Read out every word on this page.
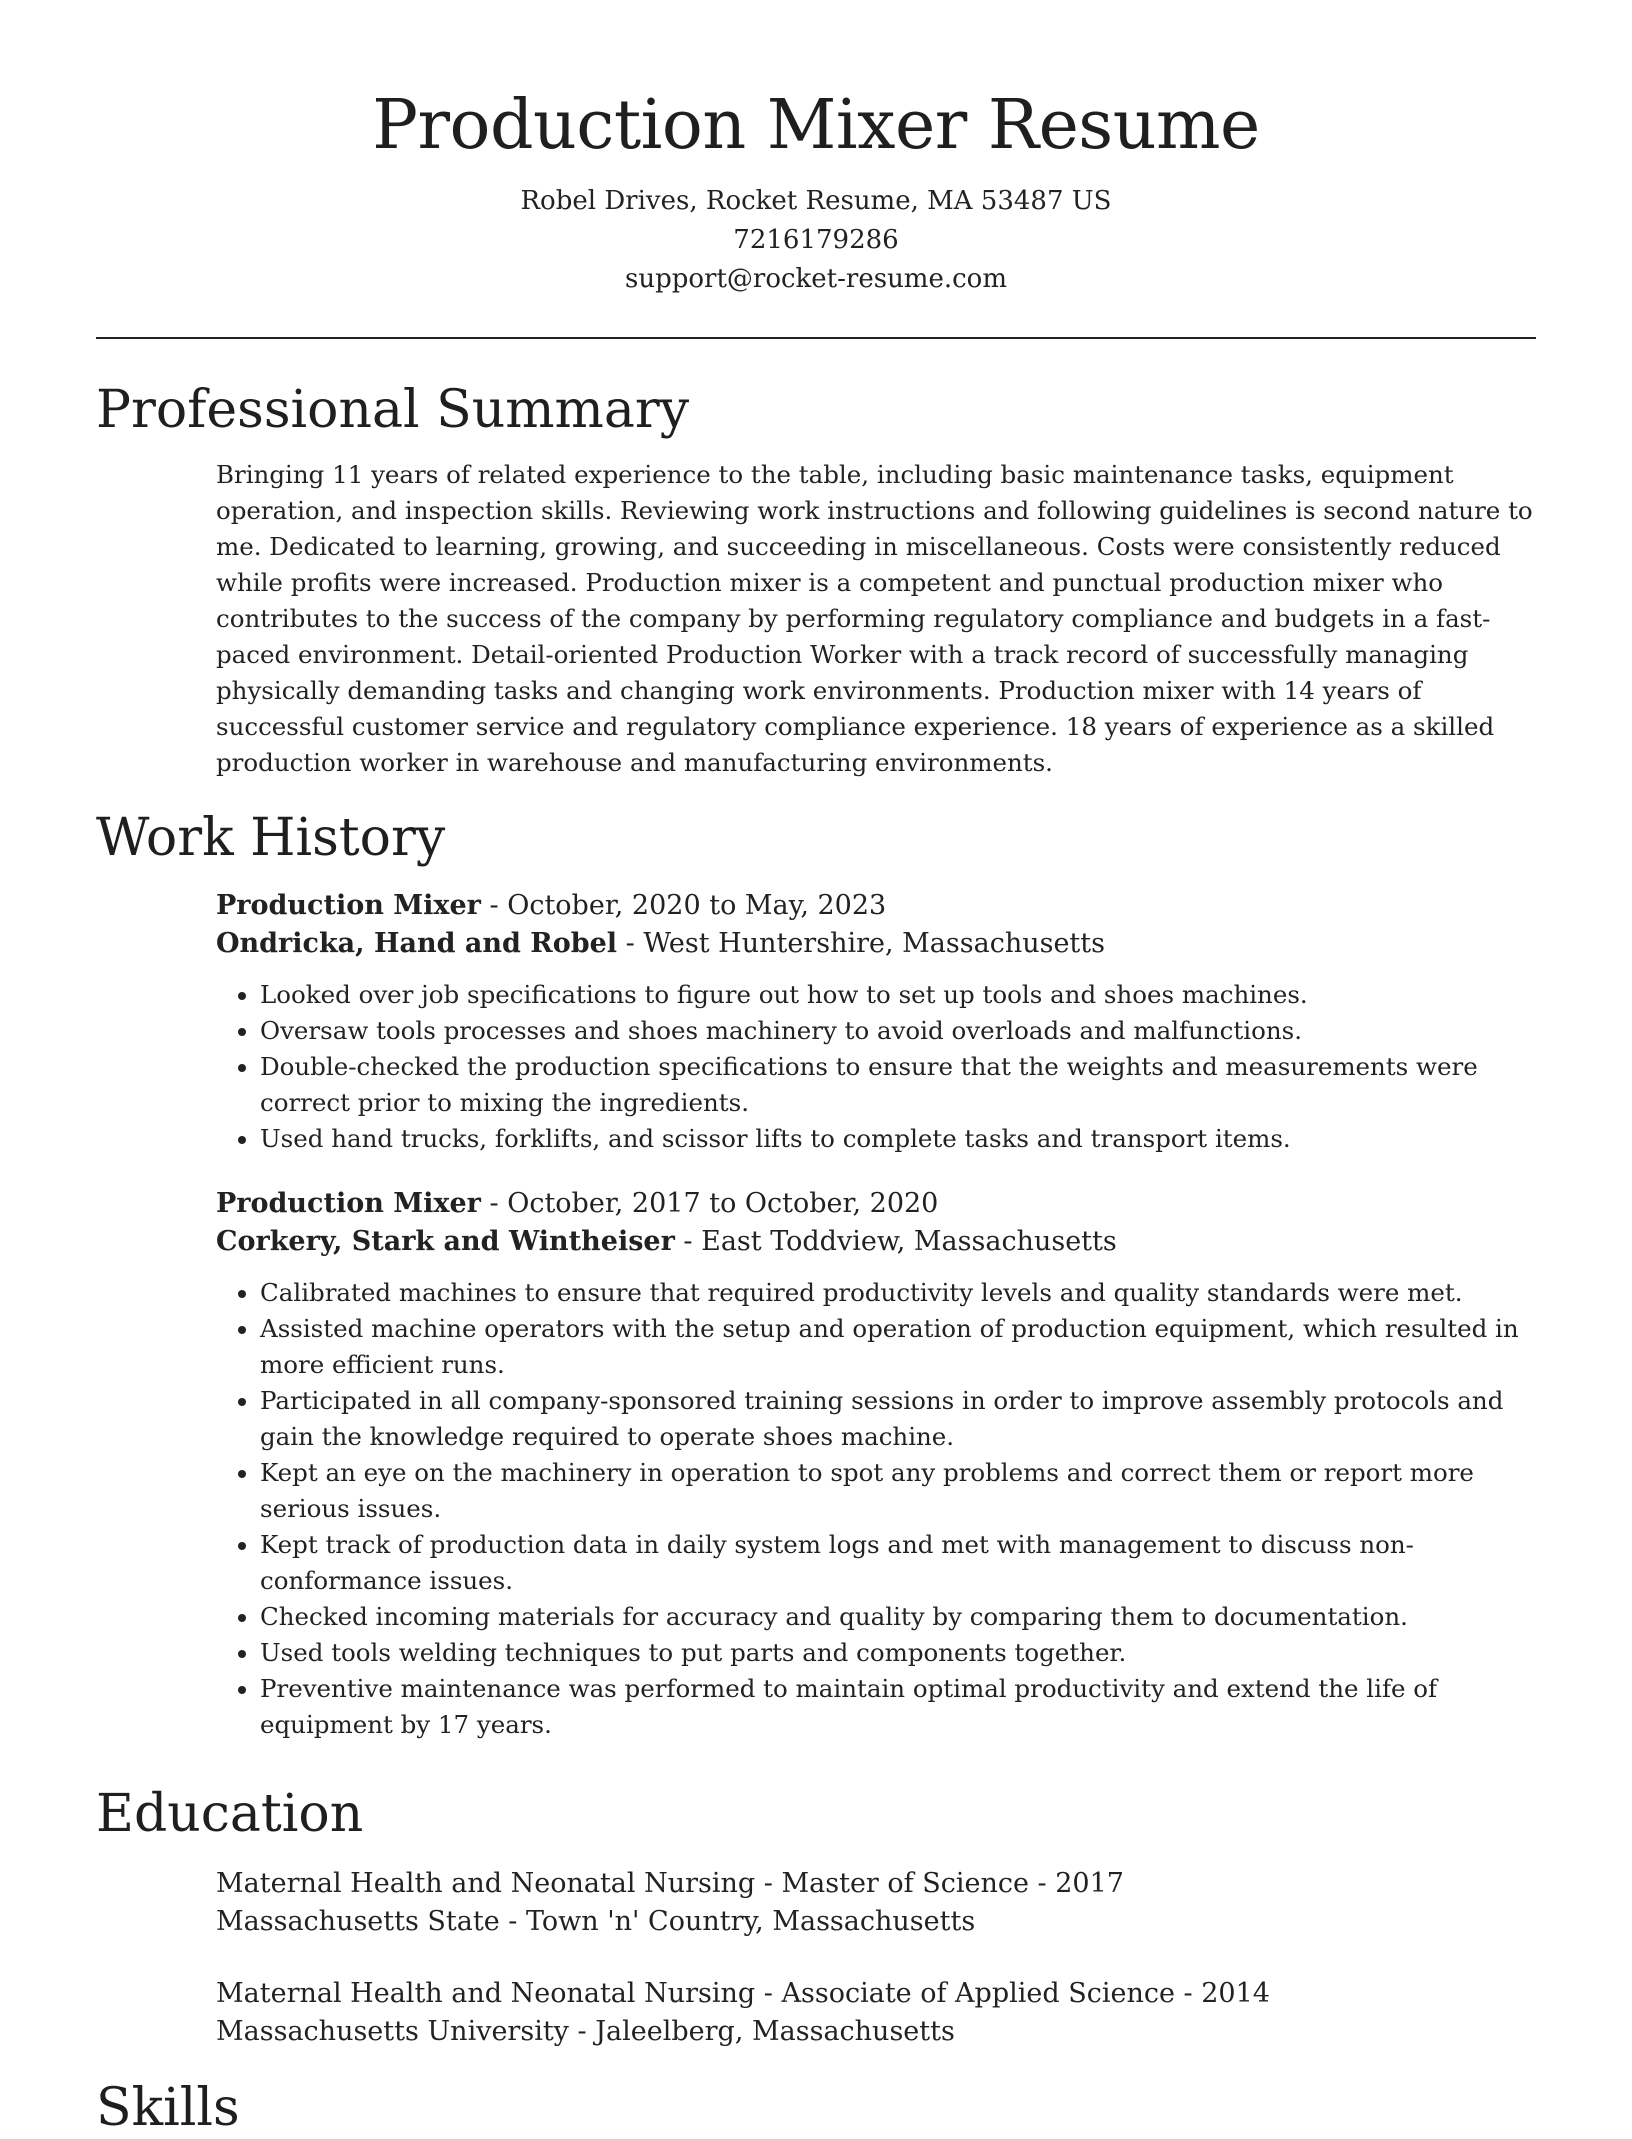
Production Mixer Resume
Robel Drives, Rocket Resume, MA 53487 US
7216179286
support@rocket-resume.com
Professional Summary
Bringing 11 years of related experience to the table, including basic maintenance tasks, equipment operation, and inspection skills. Reviewing work instructions and following guidelines is second nature to me. Dedicated to learning, growing, and succeeding in miscellaneous. Costs were consistently reduced while profits were increased. Production mixer is a competent and punctual production mixer who contributes to the success of the company by performing regulatory compliance and budgets in a fast-paced environment. Detail-oriented Production Worker with a track record of successfully managing physically demanding tasks and changing work environments. Production mixer with 14 years of successful customer service and regulatory compliance experience. 18 years of experience as a skilled production worker in warehouse and manufacturing environments.
Work History
Production Mixer - October, 2020 to May, 2023
Ondricka, Hand and Robel - West Huntershire, Massachusetts
• Looked over job specifications to figure out how to set up tools and shoes machines.
• Oversaw tools processes and shoes machinery to avoid overloads and malfunctions.
• Double-checked the production specifications to ensure that the weights and measurements were correct prior to mixing the ingredients.
• Used hand trucks, forklifts, and scissor lifts to complete tasks and transport items.
Production Mixer - October, 2017 to October, 2020
Corkery, Stark and Wintheiser - East Toddview, Massachusetts
• Calibrated machines to ensure that required productivity levels and quality standards were met.
• Assisted machine operators with the setup and operation of production equipment, which resulted in more efficient runs.
• Participated in all company-sponsored training sessions in order to improve assembly protocols and gain the knowledge required to operate shoes machine.
• Kept an eye on the machinery in operation to spot any problems and correct them or report more serious issues.
• Kept track of production data in daily system logs and met with management to discuss non-conformance issues.
• Checked incoming materials for accuracy and quality by comparing them to documentation.
• Used tools welding techniques to put parts and components together.
• Preventive maintenance was performed to maintain optimal productivity and extend the life of equipment by 17 years.
Education
Maternal Health and Neonatal Nursing - Master of Science - 2017
Massachusetts State - Town 'n' Country, Massachusetts
Maternal Health and Neonatal Nursing - Associate of Applied Science - 2014
Massachusetts University - Jaleelberg, Massachusetts
Skills
